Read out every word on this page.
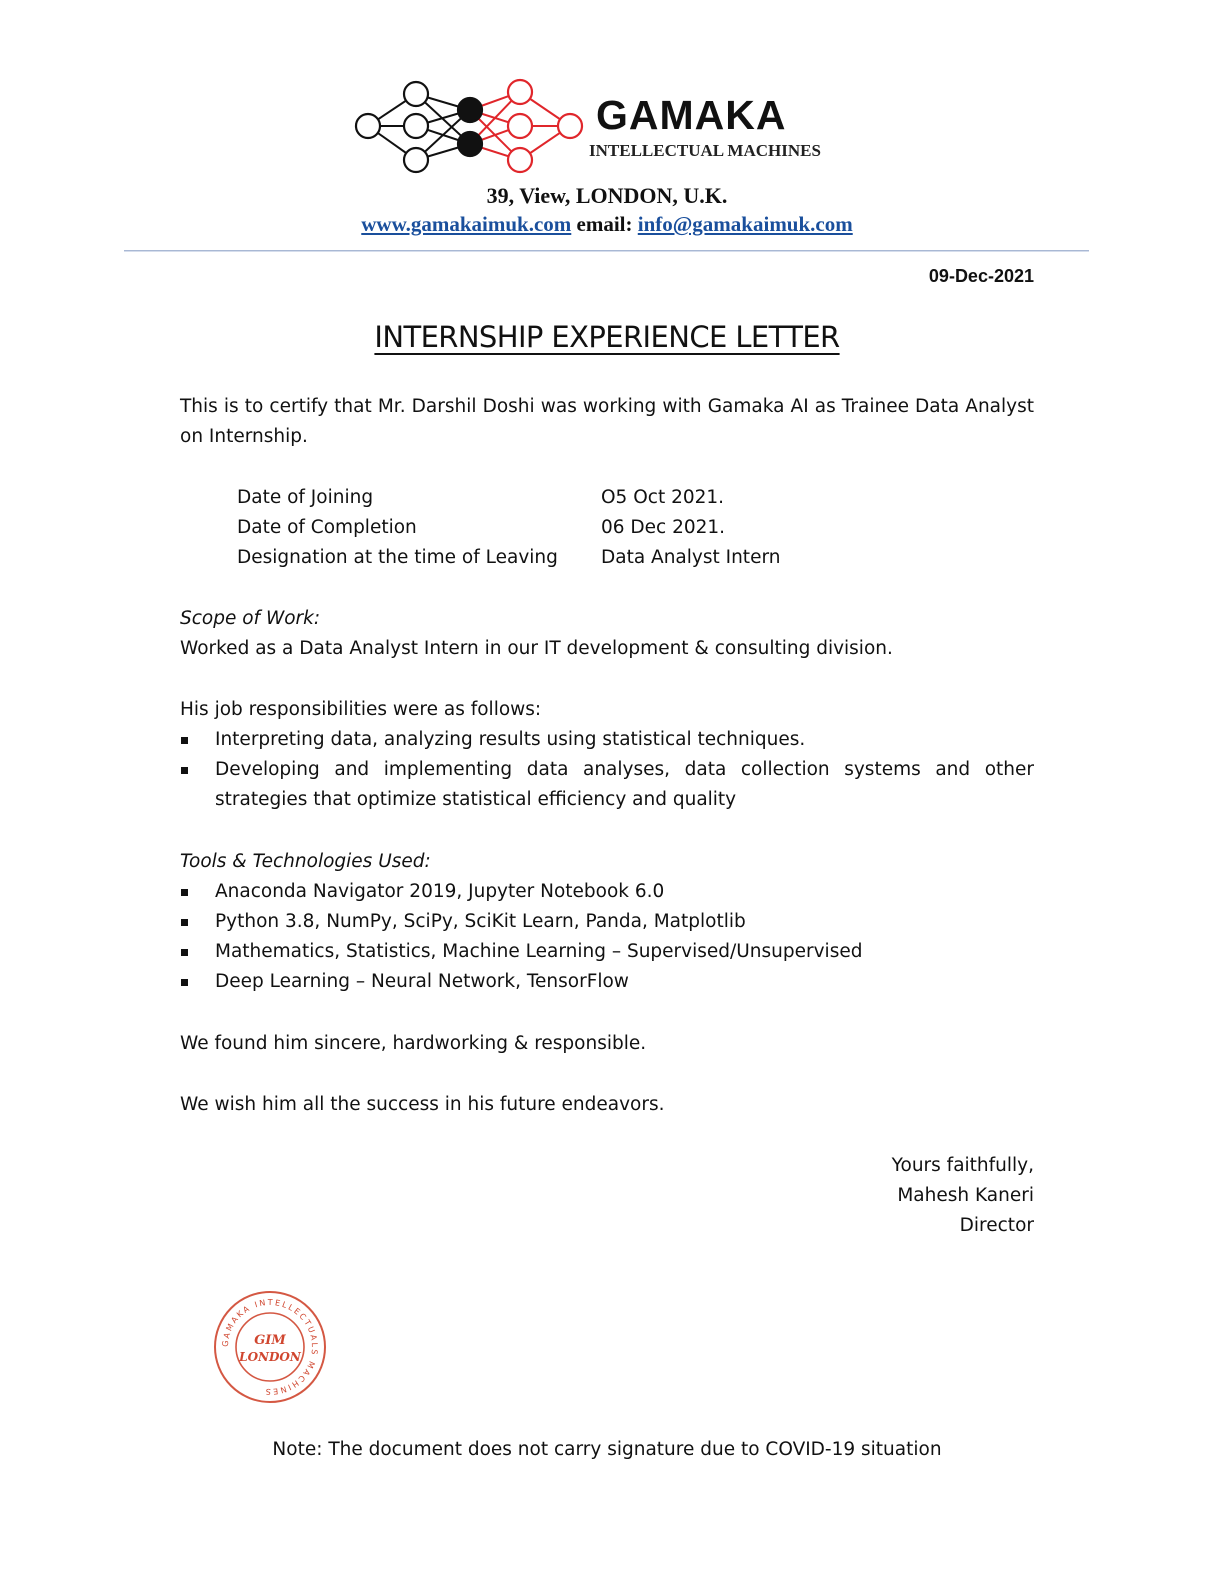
GAMAKA
INTELLECTUAL MACHINES
39, View, LONDON, U.K.
www.gamakaimuk.com email: info@gamakaimuk.com
09-Dec-2021
INTERNSHIP EXPERIENCE LETTER
This is to certify that Mr. Darshil Doshi was working with Gamaka AI as Trainee Data Analyst on Internship.
Date of Joining	O5 Oct 2021.
Date of Completion	06 Dec 2021.
Designation at the time of Leaving	Data Analyst Intern
Scope of Work:
Worked as a Data Analyst Intern in our IT development & consulting division.
His job responsibilities were as follows:
Interpreting data, analyzing results using statistical techniques.
Developing and implementing data analyses, data collection systems and other strategies that optimize statistical efficiency and quality
Tools & Technologies Used:
Anaconda Navigator 2019, Jupyter Notebook 6.0
Python 3.8, NumPy, SciPy, SciKit Learn, Panda, Matplotlib
Mathematics, Statistics, Machine Learning – Supervised/Unsupervised
Deep Learning – Neural Network, TensorFlow
We found him sincere, hardworking & responsible.
We wish him all the success in his future endeavors.
Yours faithfully,
Mahesh Kaneri
Director
GAMAKA INTELLECTUALS MACHINES
GIM
LONDON
Note: The document does not carry signature due to COVID-19 situation
